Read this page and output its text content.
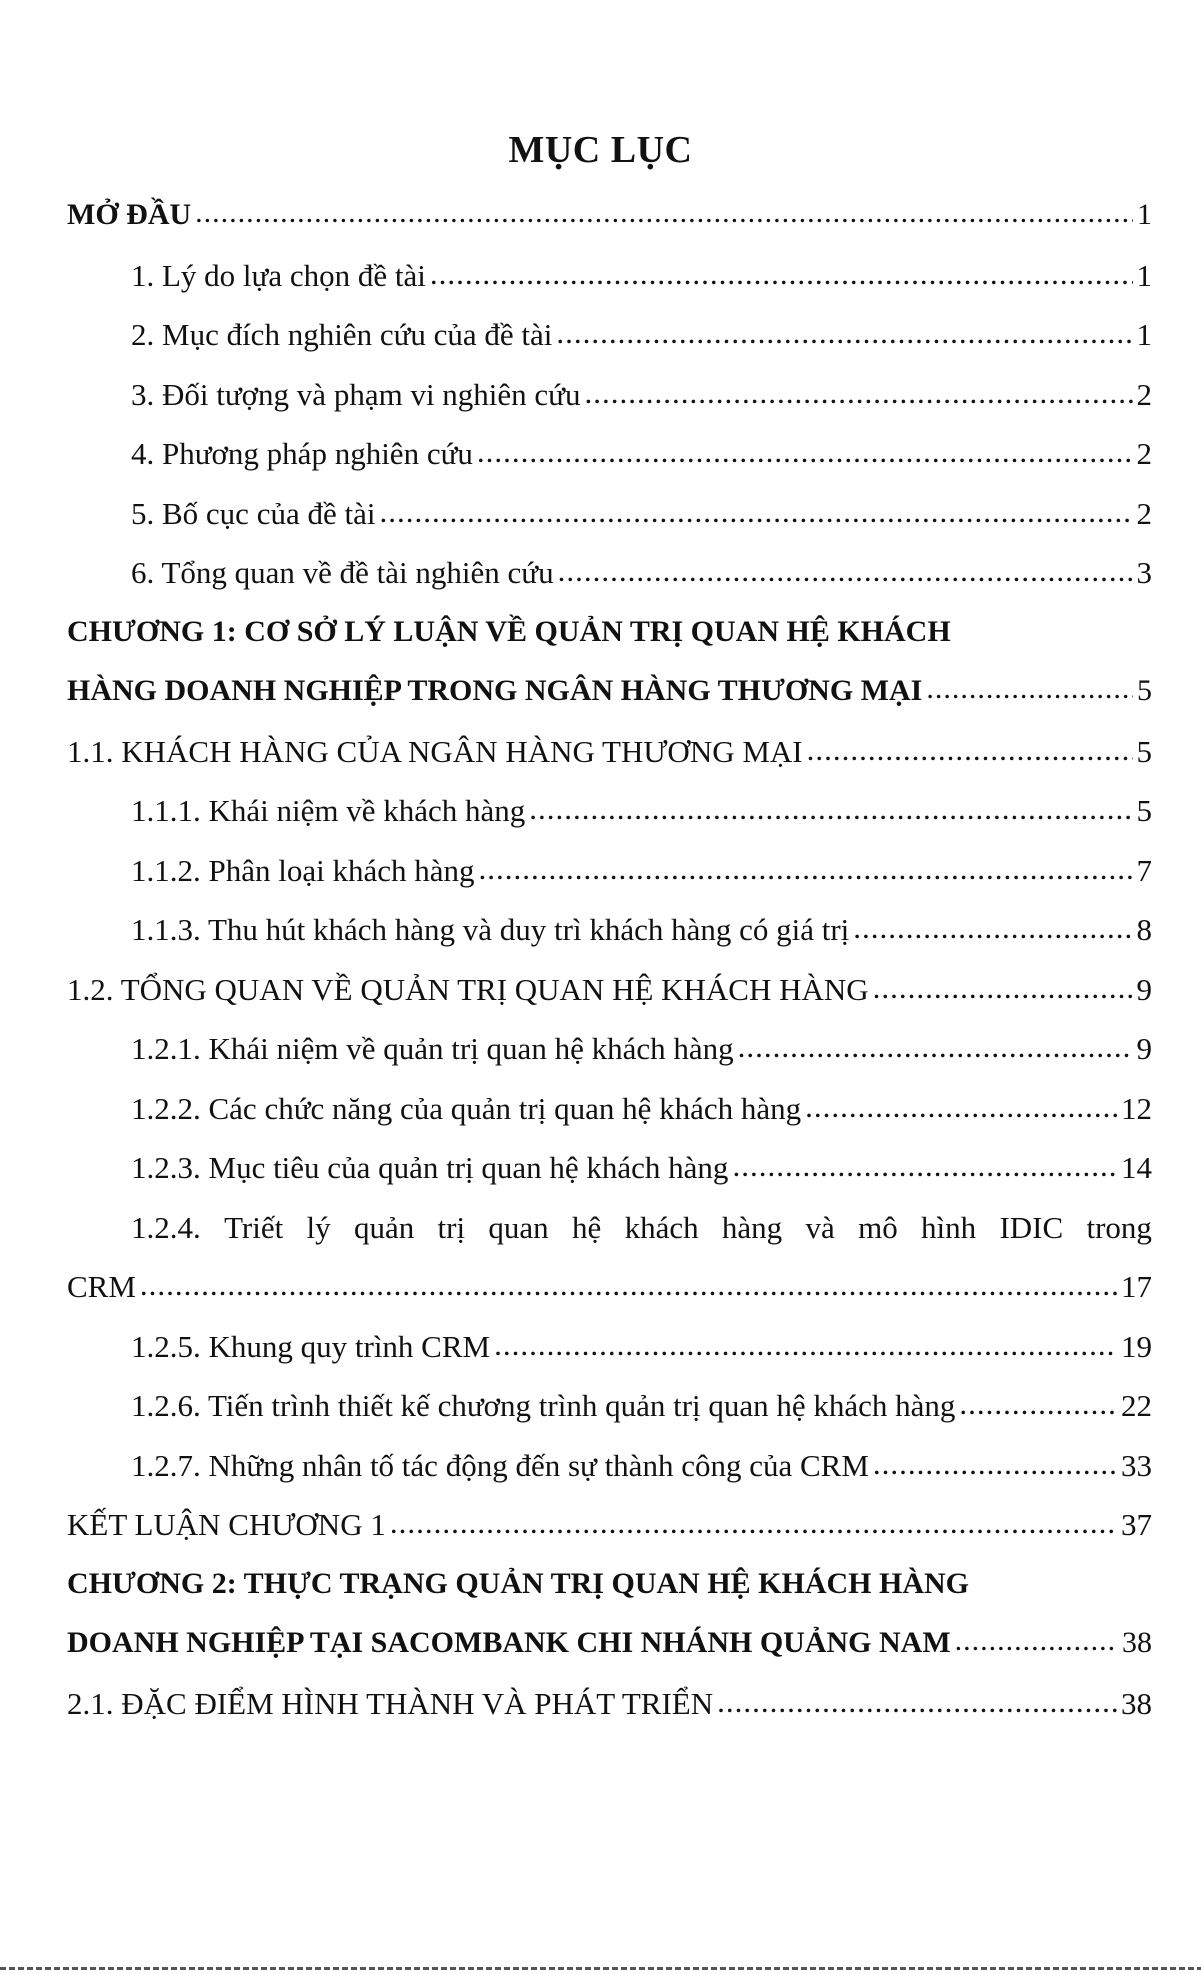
MỤC LỤC
MỞ ĐẦU .....	1
1. Lý do lựa chọn đề tài .....	1
2. Mục đích nghiên cứu của đề tài .....	1
3. Đối tượng và phạm vi nghiên cứu .....	2
4. Phương pháp nghiên cứu .....	2
5. Bố cục của đề tài .....	2
6. Tổng quan về đề tài nghiên cứu .....	3
CHƯƠNG 1: CƠ SỞ LÝ LUẬN VỀ QUẢN TRỊ QUAN HỆ KHÁCH
HÀNG DOANH NGHIỆP TRONG NGÂN HÀNG THƯƠNG MẠI .....	5
1.1. KHÁCH HÀNG CỦA NGÂN HÀNG THƯƠNG MẠI .....	5
1.1.1. Khái niệm về khách hàng .....	5
1.1.2. Phân loại khách hàng .....	7
1.1.3. Thu hút khách hàng và duy trì khách hàng có giá trị .....	8
1.2. TỔNG QUAN VỀ QUẢN TRỊ QUAN HỆ KHÁCH HÀNG .....	9
1.2.1. Khái niệm về quản trị quan hệ khách hàng .....	9
1.2.2. Các chức năng của quản trị quan hệ khách hàng .....	12
1.2.3. Mục tiêu của quản trị quan hệ khách hàng .....	14
1.2.4. Triết lý quản trị quan hệ khách hàng và mô hình IDIC trong
CRM .....	17
1.2.5. Khung quy trình CRM .....	19
1.2.6. Tiến trình thiết kế chương trình quản trị quan hệ khách hàng .....	22
1.2.7. Những nhân tố tác động đến sự thành công của CRM .....	33
KẾT LUẬN CHƯƠNG 1 .....	37
CHƯƠNG 2: THỰC TRẠNG QUẢN TRỊ QUAN HỆ KHÁCH HÀNG
DOANH NGHIỆP TẠI SACOMBANK CHI NHÁNH QUẢNG NAM .....	38
2.1. ĐẶC ĐIỂM HÌNH THÀNH VÀ PHÁT TRIỂN .....	38
